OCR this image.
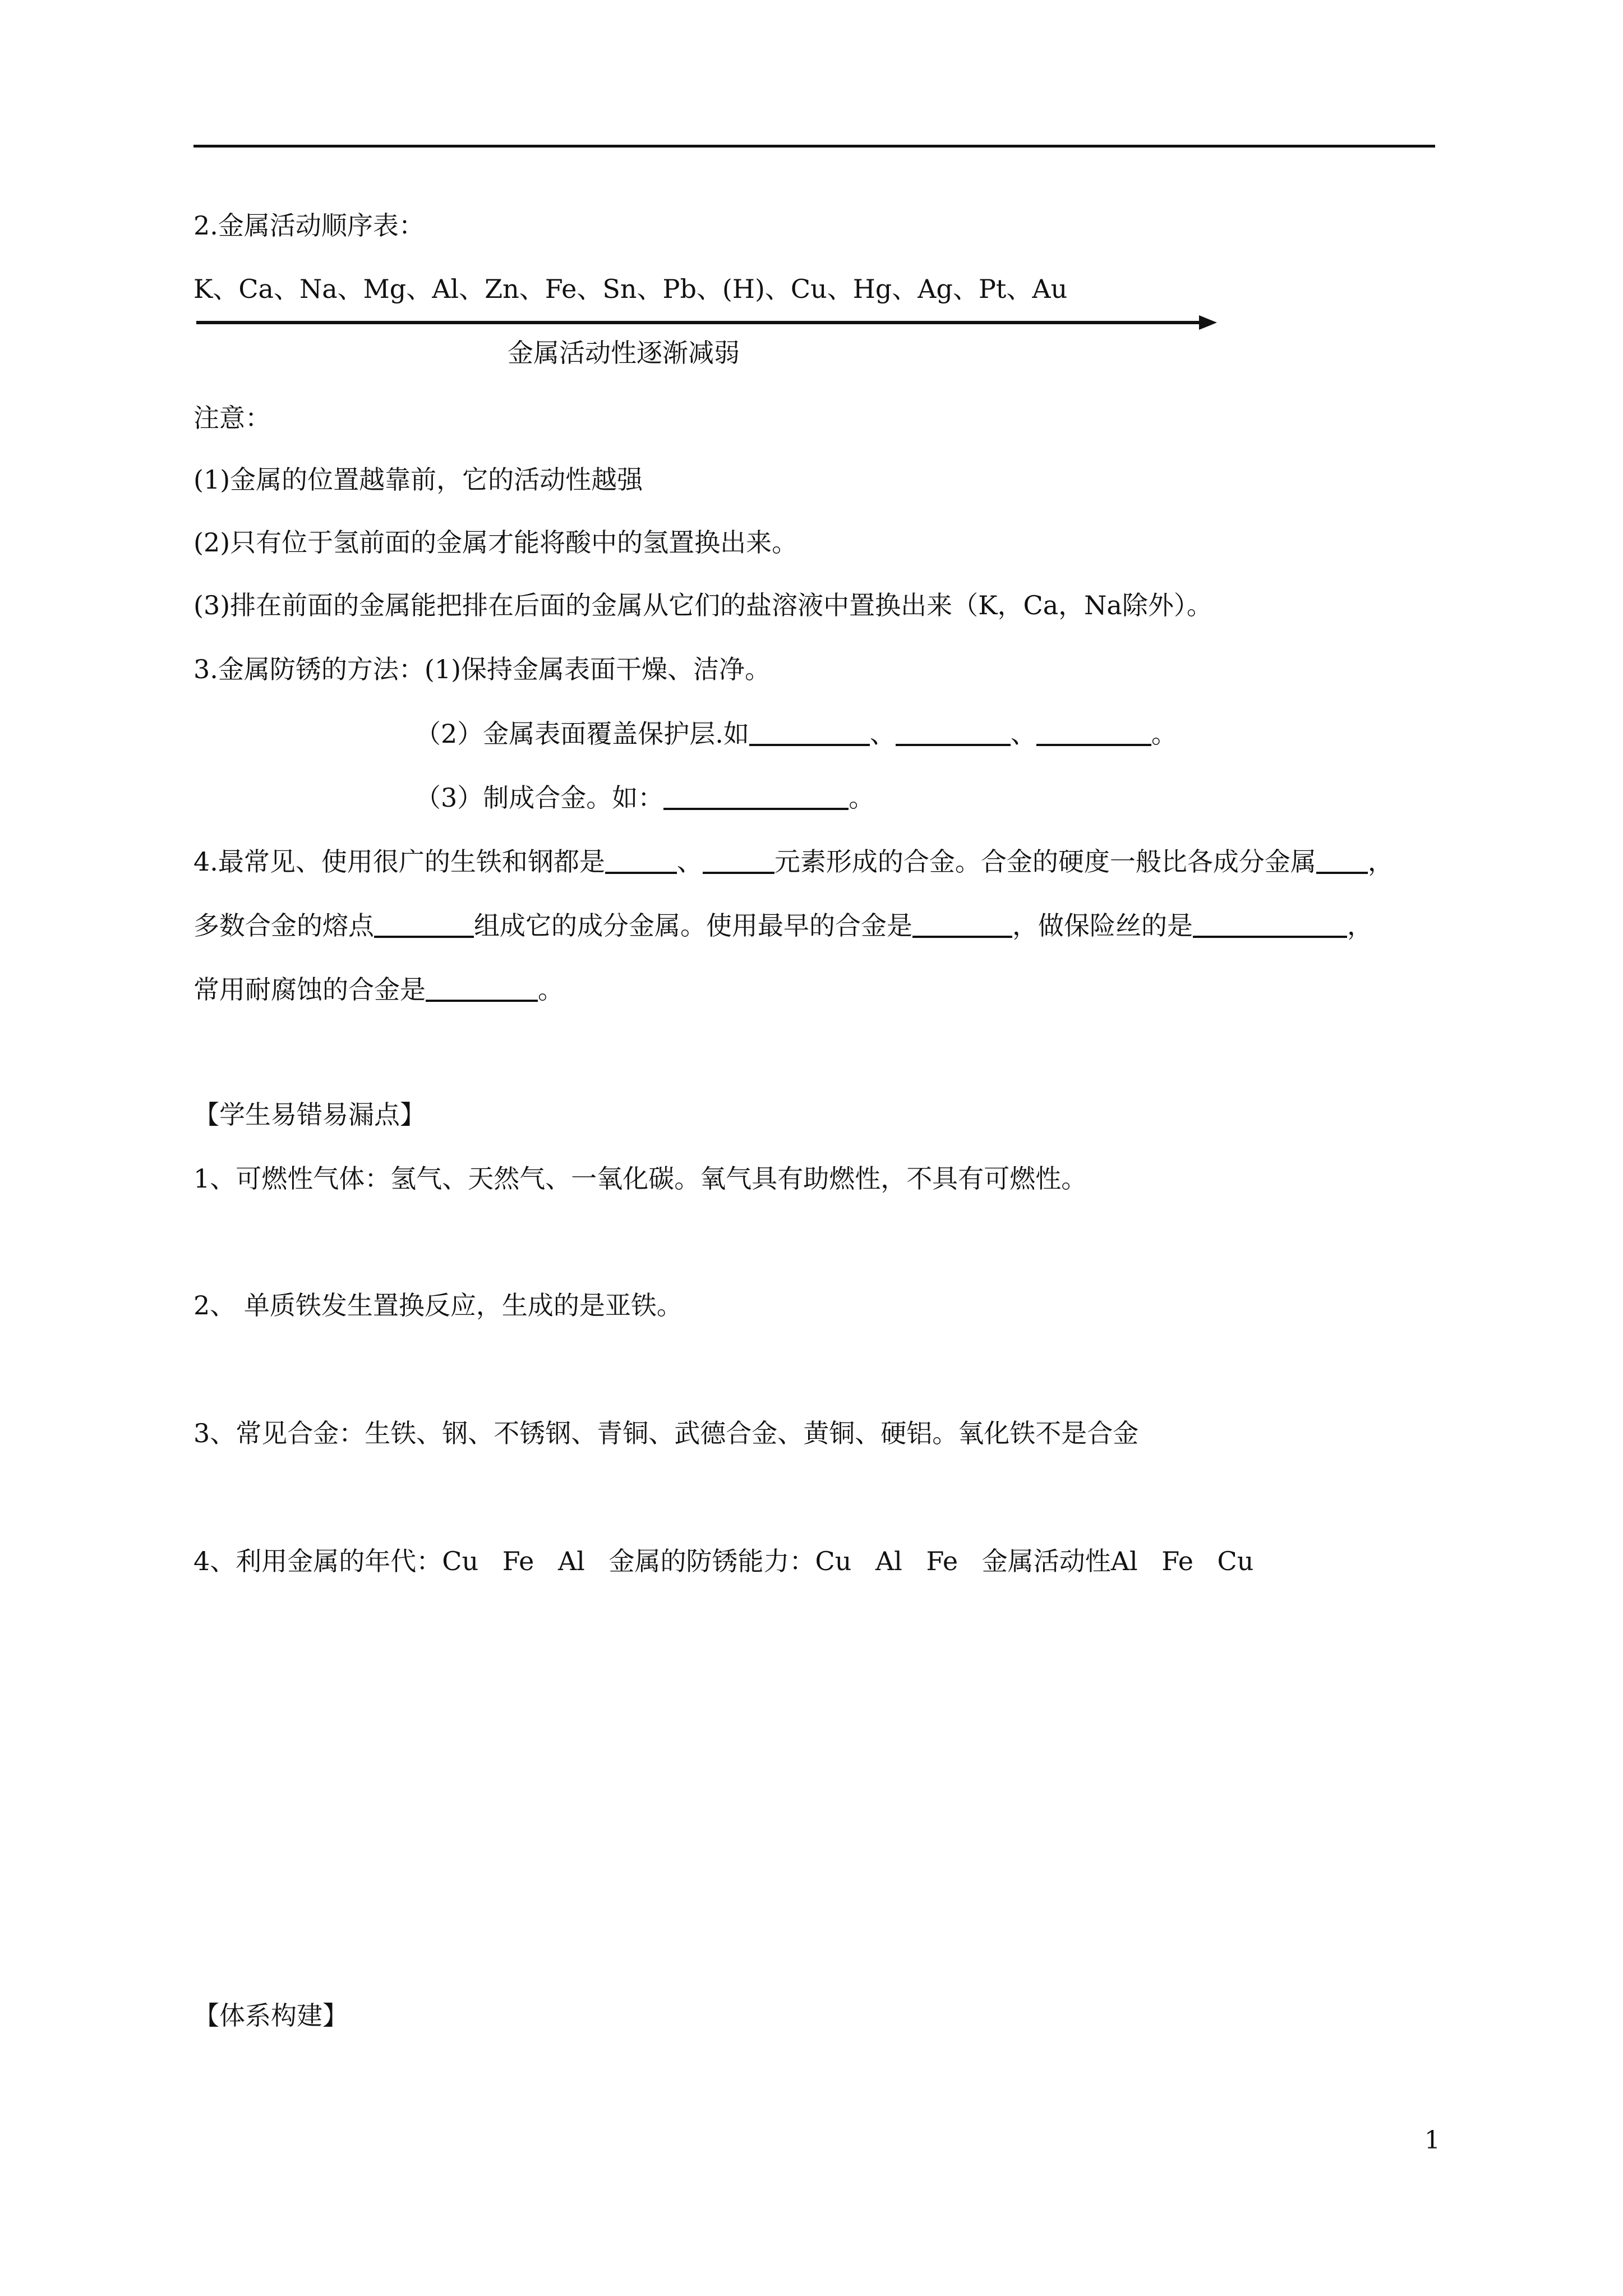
2.金属活动顺序表：
K、Ca、Na、Mg、Al、Zn、Fe、Sn、Pb、(H)、Cu、Hg、Ag、Pt、Au
金属活动性逐渐减弱
注意：
(1)金属的位置越靠前，它的活动性越强
(2)只有位于氢前面的金属才能将酸中的氢置换出来。
(3)排在前面的金属能把排在后面的金属从它们的盐溶液中置换出来（K，Ca，Na除外）。
3.金属防锈的方法：(1)保持金属表面干燥、洁净。
（2）金属表面覆盖保护层.如	、	、	。
（3）制成合金。如：	。
4.最常见、使用很广的生铁和钢都是	、	元素形成的合金。合金的硬度一般比各成分金属 ，
多数合金的熔点	组成它的成分金属。使用最早的合金是	，做保险丝的是	，
常用耐腐蚀的合金是	。
【学生易错易漏点】
1、可燃性气体：氢气、天然气、一氧化碳。氧气具有助燃性，不具有可燃性。
2、 单质铁发生置换反应，生成的是亚铁。
3、常见合金：生铁、钢、不锈钢、青铜、武德合金、黄铜、硬铝。氧化铁不是合金
4、利用金属的年代：Cu Fe Al 金属的防锈能力：Cu Al Fe 金属活动性Al Fe Cu
【体系构建】
1
